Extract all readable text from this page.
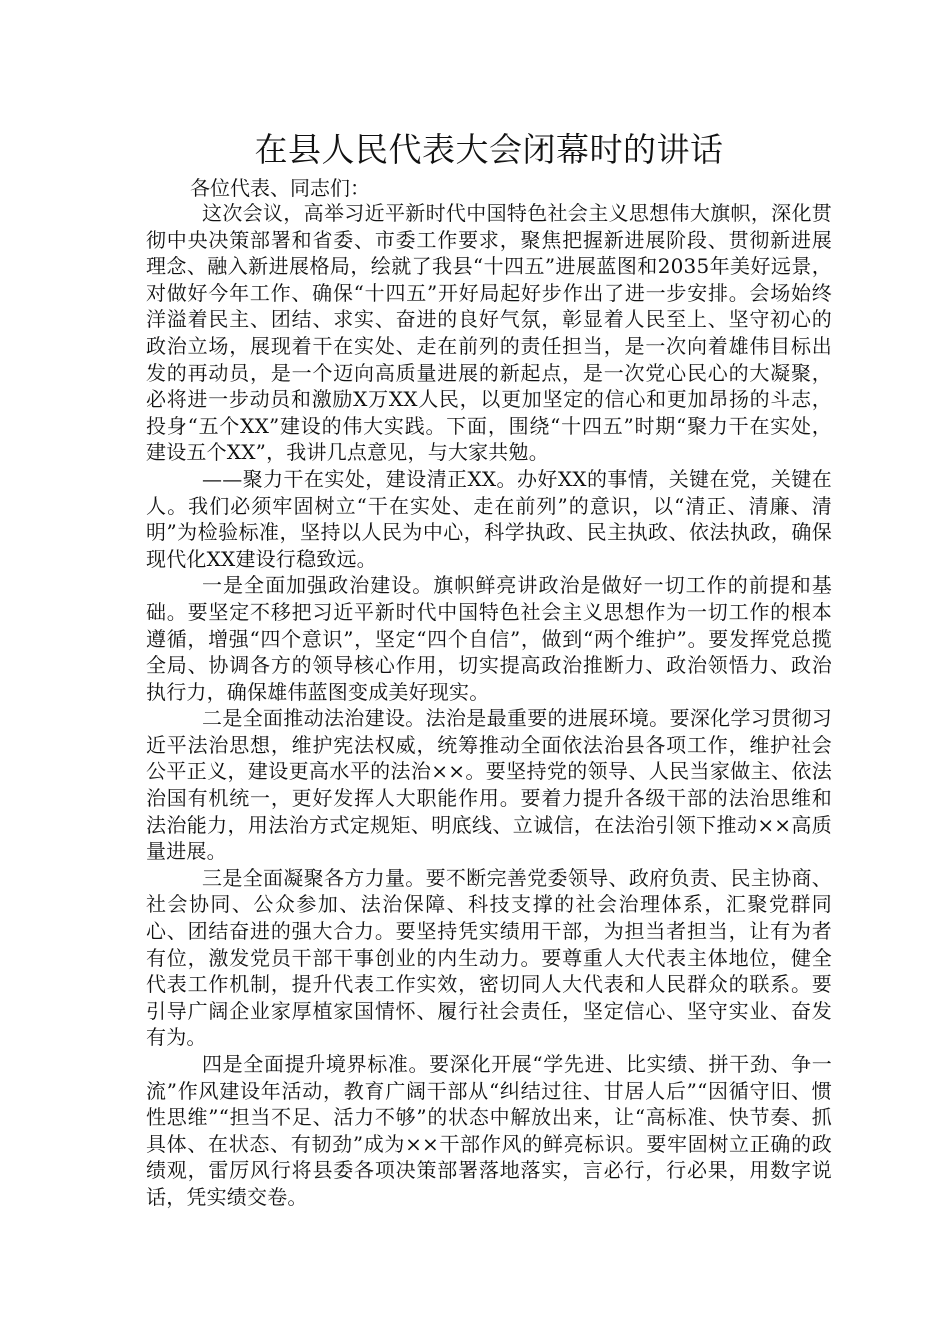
在县人民代表大会闭幕时的讲话

各位代表、同志们：

这次会议，高举习近平新时代中国特色社会主义思想伟大旗帜，深化贯彻中央决策部署和省委、市委工作要求，聚焦把握新进展阶段、贯彻新进展理念、融入新进展格局，绘就了我县“十四五”进展蓝图和2035年美好远景，对做好今年工作、确保“十四五”开好局起好步作出了进一步安排。会场始终洋溢着民主、团结、求实、奋进的良好气氛，彰显着人民至上、坚守初心的政治立场，展现着干在实处、走在前列的责任担当，是一次向着雄伟目标出发的再动员，是一个迈向高质量进展的新起点，是一次党心民心的大凝聚，必将进一步动员和激励X万XX人民，以更加坚定的信心和更加昂扬的斗志，投身“五个XX”建设的伟大实践。下面，围绕“十四五”时期“聚力干在实处，建设五个XX”，我讲几点意见，与大家共勉。

——聚力干在实处，建设清正XX。办好XX的事情，关键在党，关键在人。我们必须牢固树立“干在实处、走在前列”的意识，以“清正、清廉、清明”为检验标准，坚持以人民为中心，科学执政、民主执政、依法执政，确保现代化XX建设行稳致远。

一是全面加强政治建设。旗帜鲜亮讲政治是做好一切工作的前提和基础。要坚定不移把习近平新时代中国特色社会主义思想作为一切工作的根本遵循，增强“四个意识”，坚定“四个自信”，做到“两个维护”。要发挥党总揽全局、协调各方的领导核心作用，切实提高政治推断力、政治领悟力、政治执行力，确保雄伟蓝图变成美好现实。

二是全面推动法治建设。法治是最重要的进展环境。要深化学习贯彻习近平法治思想，维护宪法权威，统筹推动全面依法治县各项工作，维护社会公平正义，建设更高水平的法治××。要坚持党的领导、人民当家做主、依法治国有机统一，更好发挥人大职能作用。要着力提升各级干部的法治思维和法治能力，用法治方式定规矩、明底线、立诚信，在法治引领下推动××高质量进展。

三是全面凝聚各方力量。要不断完善党委领导、政府负责、民主协商、社会协同、公众参加、法治保障、科技支撑的社会治理体系，汇聚党群同心、团结奋进的强大合力。要坚持凭实绩用干部，为担当者担当，让有为者有位，激发党员干部干事创业的内生动力。要尊重人大代表主体地位，健全代表工作机制，提升代表工作实效，密切同人大代表和人民群众的联系。要引导广阔企业家厚植家国情怀、履行社会责任，坚定信心、坚守实业、奋发有为。

四是全面提升境界标准。要深化开展“学先进、比实绩、拼干劲、争一流”作风建设年活动，教育广阔干部从“纠结过往、甘居人后”“因循守旧、惯性思维”“担当不足、活力不够”的状态中解放出来，让“高标准、快节奏、抓具体、在状态、有韧劲”成为××干部作风的鲜亮标识。要牢固树立正确的政绩观，雷厉风行将县委各项决策部署落地落实，言必行，行必果，用数字说话，凭实绩交卷。
